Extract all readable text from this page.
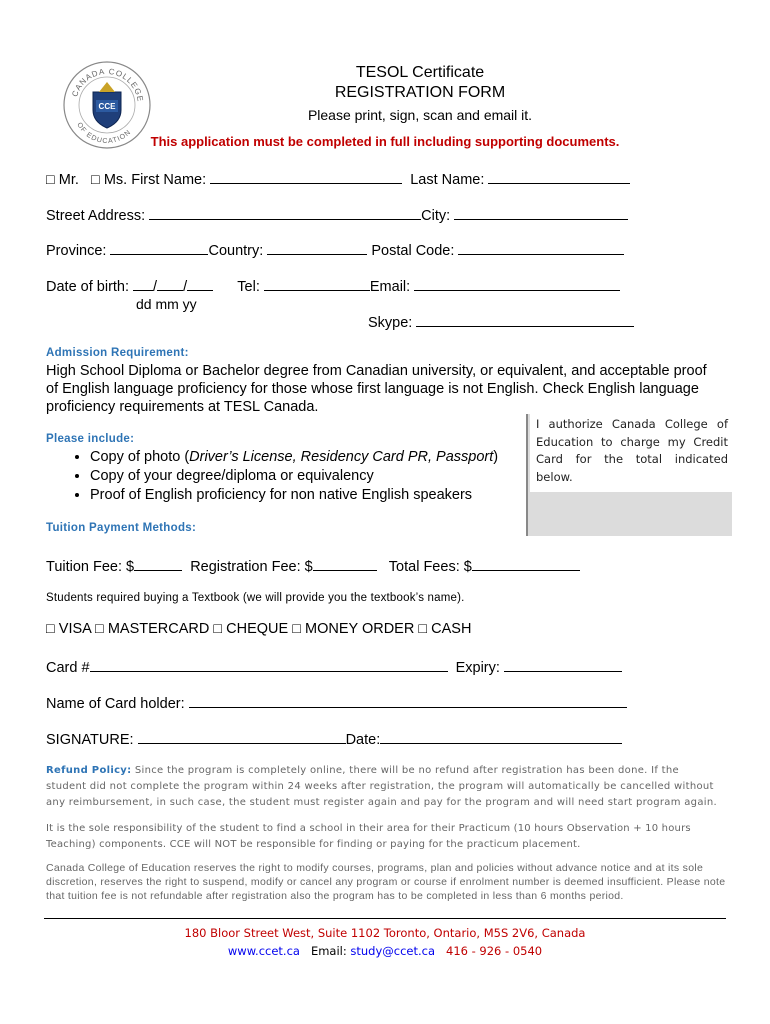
CANADA COLLEGE
OF EDUCATION
CCE
TESOL Certificate
REGISTRATION FORM
Please print, sign, scan and email it.
This application must be completed in full including supporting documents.
□ Mr. □ Ms. First Name:	Last Name:
Street Address:	City:
Province:	Country:	Postal Code:
Date of birth: / /	Tel:	Email:
dd mm yy
Skype:
Admission Requirement:
High School Diploma or Bachelor degree from Canadian university, or equivalent, and acceptable proof of English language proficiency for those whose first language is not English. Check English language proficiency requirements at TESL Canada.
I authorize Canada College of Education to charge my Credit Card for the total indicated below.
Please include:
• Copy of photo (Driver’s License, Residency Card PR, Passport)
• Copy of your degree/diploma or equivalency
• Proof of English proficiency for non native English speakers
Tuition Payment Methods:
Tuition Fee: $	Registration Fee: $	Total Fees: $
Students required buying a Textbook (we will provide you the textbook’s name).
□ VISA □ MASTERCARD □ CHEQUE □ MONEY ORDER □ CASH
Card #	Expiry:
Name of Card holder:
SIGNATURE:	Date:
Refund Policy: Since the program is completely online, there will be no refund after registration has been done. If the student did not complete the program within 24 weeks after registration, the program will automatically be cancelled without any reimbursement, in such case, the student must register again and pay for the program and will need start program again.
It is the sole responsibility of the student to find a school in their area for their Practicum (10 hours Observation + 10 hours Teaching) components. CCE will NOT be responsible for finding or paying for the practicum placement.
Canada College of Education reserves the right to modify courses, programs, plan and policies without advance notice and at its sole discretion, reserves the right to suspend, modify or cancel any program or course if enrolment number is deemed insufficient. Please note that tuition fee is not refundable after registration also the program has to be completed in less than 6 months period.
180 Bloor Street West, Suite 1102 Toronto, Ontario, M5S 2V6, Canada
www.ccet.ca Email: study@ccet.ca 416 - 926 - 0540
